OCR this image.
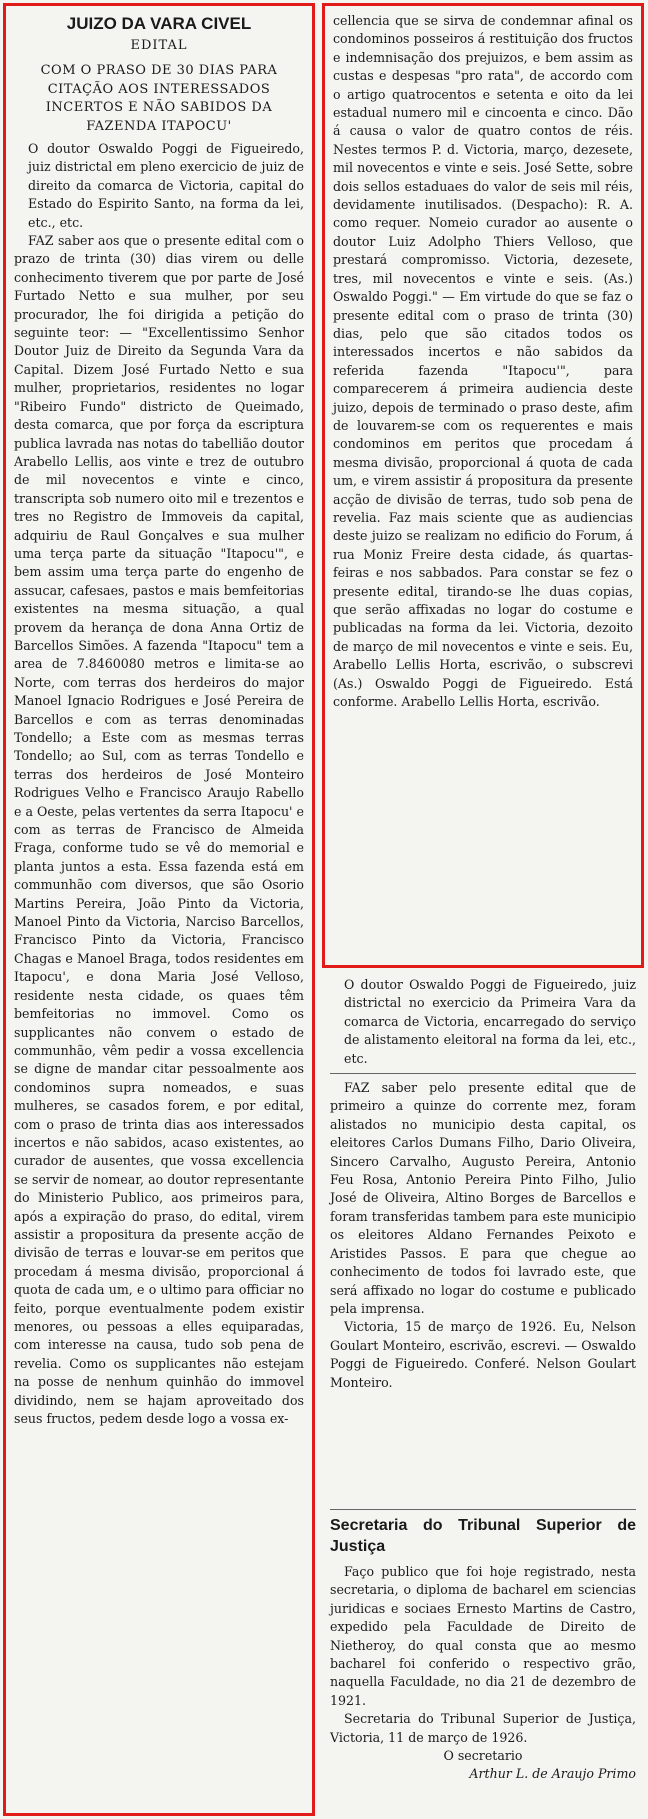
JUIZO DA VARA CIVEL
EDITAL
COM O PRASO DE 30 DIAS PARA CITAÇÃO AOS INTERESSADOS INCERTOS E NÃO SABIDOS DA FAZENDA ITAPOCU'

O doutor Oswaldo Poggi de Figueiredo, juiz districtal em pleno exercicio de juiz de direito da comarca de Victoria, capital do Estado do Espirito Santo, na forma da lei, etc., etc.

FAZ saber aos que o presente edital com o prazo de trinta (30) dias virem ou delle conhecimento tiverem que por parte de José Furtado Netto e sua mulher, por seu procurador, lhe foi dirigida a petição do seguinte teor: — "Excellentissimo Senhor Doutor Juiz de Direito da Segunda Vara da Capital. Dizem José Furtado Netto e sua mulher, proprietarios, residentes no logar "Ribeiro Fundo" districto de Queimado, desta comarca, que por força da escriptura publica lavrada nas notas do tabellião doutor Arabello Lellis, aos vinte e trez de outubro de mil novecentos e vinte e cinco, transcripta sob numero oito mil e trezentos e tres no Registro de Immoveis da capital, adquiriu de Raul Gonçalves e sua mulher uma terça parte da situação "Itapocu'", e bem assim uma terça parte do engenho de assucar, cafesaes, pastos e mais bemfeitorias existentes na mesma situação, a qual provem da herança de dona Anna Ortiz de Barcellos Simões. A fazenda "Itapocu" tem a area de 7.8460080 metros e limita-se ao Norte, com terras dos herdeiros do major Manoel Ignacio Rodrigues e José Pereira de Barcellos e com as terras denominadas Tondello; a Este com as mesmas terras Tondello; ao Sul, com as terras Tondello e terras dos herdeiros de José Monteiro Rodrigues Velho e Francisco Araujo Rabello e a Oeste, pelas vertentes da serra Itapocu' e com as terras de Francisco de Almeida Fraga, conforme tudo se vê do memorial e planta juntos a esta. Essa fazenda está em communhão com diversos, que são Osorio Martins Pereira, João Pinto da Victoria, Manoel Pinto da Victoria, Narciso Barcellos, Francisco Pinto da Victoria, Francisco Chagas e Manoel Braga, todos residentes em Itapocu', e dona Maria José Velloso, residente nesta cidade, os quaes têm bemfeitorias no immovel. Como os supplicantes não convem o estado de communhão, vêm pedir a vossa excellencia se digne de mandar citar pessoalmente aos condominos supra nomeados, e suas mulheres, se casados forem, e por edital, com o praso de trinta dias aos interessados incertos e não sabidos, acaso existentes, ao curador de ausentes, que vossa excellencia se servir de nomear, ao doutor representante do Ministerio Publico, aos primeiros para, após a expiração do praso, do edital, virem assistir a propositura da presente acção de divisão de terras e louvar-se em peritos que procedam á mesma divisão, proporcional á quota de cada um, e o ultimo para officiar no feito, porque eventualmente podem existir menores, ou pessoas a elles equiparadas, com interesse na causa, tudo sob pena de revelia. Como os supplicantes não estejam na posse de nenhum quinhão do immovel dividindo, nem se hajam aproveitado dos seus fructos, pedem desde logo a vossa ex-

cellencia que se sirva de condemnar afinal os condominos posseiros á restituição dos fructos e indemnisação dos prejuizos, e bem assim as custas e despesas "pro rata", de accordo com o artigo quatrocentos e setenta e oito da lei estadual numero mil e cincoenta e cinco. Dão á causa o valor de quatro contos de réis. Nestes termos P. d. Victoria, março, dezesete, mil novecentos e vinte e seis. José Sette, sobre dois sellos estaduaes do valor de seis mil réis, devidamente inutilisados. (Despacho): R. A. como requer. Nomeio curador ao ausente o doutor Luiz Adolpho Thiers Velloso, que prestará compromisso. Victoria, dezesete, tres, mil novecentos e vinte e seis. (As.) Oswaldo Poggi." — Em virtude do que se faz o presente edital com o praso de trinta (30) dias, pelo que são citados todos os interessados incertos e não sabidos da referida fazenda "Itapocu'", para comparecerem á primeira audiencia deste juizo, depois de terminado o praso deste, afim de louvarem-se com os requerentes e mais condominos em peritos que procedam á mesma divisão, proporcional á quota de cada um, e virem assistir á propositura da presente acção de divisão de terras, tudo sob pena de revelia. Faz mais sciente que as audiencias deste juizo se realizam no edificio do Forum, á rua Moniz Freire desta cidade, ás quartas-feiras e nos sabbados. Para constar se fez o presente edital, tirando-se lhe duas copias, que serão affixadas no logar do costume e publicadas na forma da lei. Victoria, dezoito de março de mil novecentos e vinte e seis. Eu, Arabello Lellis Horta, escrivão, o subscrevi (As.) Oswaldo Poggi de Figueiredo. Está conforme. Arabello Lellis Horta, escrivão.

O doutor Oswaldo Poggi de Figueiredo, juiz districtal no exercicio da Primeira Vara da comarca de Victoria, encarregado do serviço de alistamento eleitoral na forma da lei, etc., etc.

FAZ saber pelo presente edital que de primeiro a quinze do corrente mez, foram alistados no municipio desta capital, os eleitores Carlos Dumans Filho, Dario Oliveira, Sincero Carvalho, Augusto Pereira, Antonio Feu Rosa, Antonio Pereira Pinto Filho, Julio José de Oliveira, Altino Borges de Barcellos e foram transferidas tambem para este municipio os eleitores Aldano Fernandes Peixoto e Aristides Passos. E para que chegue ao conhecimento de todos foi lavrado este, que será affixado no logar do costume e publicado pela imprensa.

Victoria, 15 de março de 1926. Eu, Nelson Goulart Monteiro, escrivão, escrevi. — Oswaldo Poggi de Figueiredo. Conferé. Nelson Goulart Monteiro.

Secretaria do Tribunal Superior de Justiça

Faço publico que foi hoje registrado, nesta secretaria, o diploma de bacharel em sciencias juridicas e sociaes Ernesto Martins de Castro, expedido pela Faculdade de Direito de Nietheroy, do qual consta que ao mesmo bacharel foi conferido o respectivo grão, naquella Faculdade, no dia 21 de dezembro de 1921.

Secretaria do Tribunal Superior de Justiça, Victoria, 11 de março de 1926.

O secretario

Arthur L. de Araujo Primo
